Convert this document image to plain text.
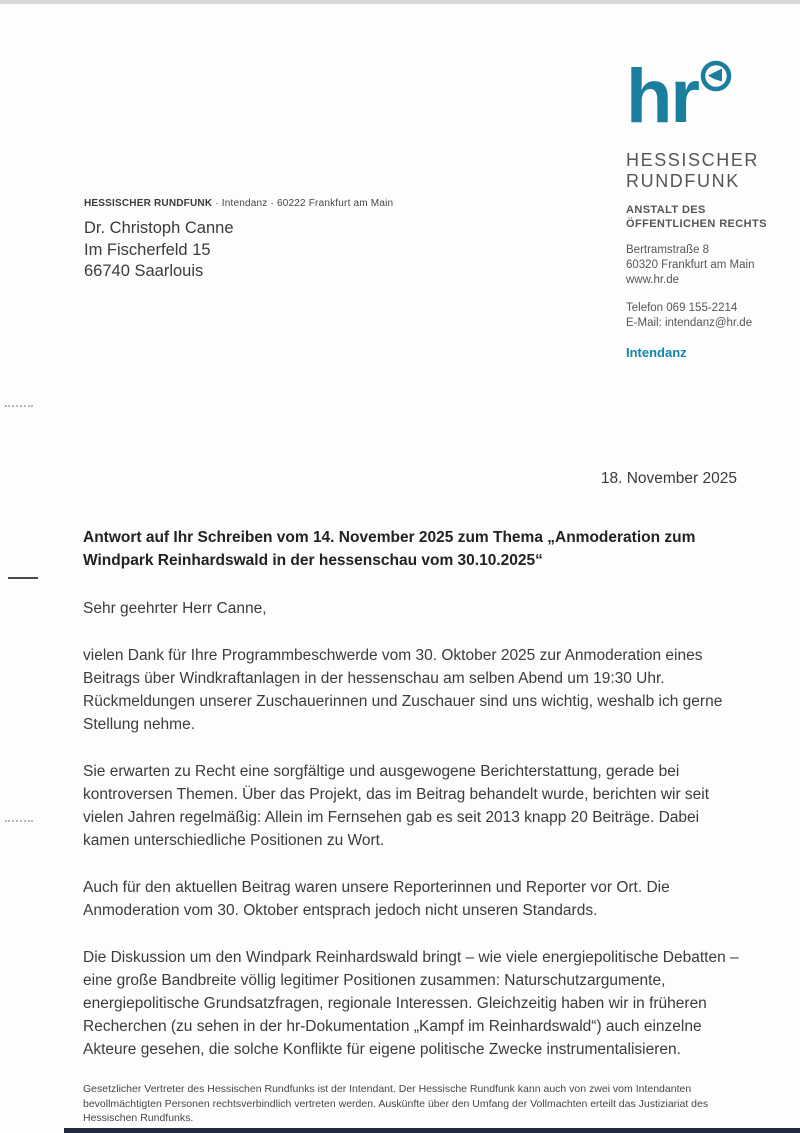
hr
HESSISCHER
RUNDFUNK
ANSTALT DES
ÖFFENTLICHEN RECHTS
Bertramstraße 8
60320 Frankfurt am Main
www.hr.de
Telefon 069 155-2214
E-Mail: intendanz@hr.de
Intendanz
HESSISCHER RUNDFUNK · Intendanz · 60222 Frankfurt am Main
Dr. Christoph Canne
Im Fischerfeld 15
66740 Saarlouis
18. November 2025

Antwort auf Ihr Schreiben vom 14. November 2025 zum Thema „Anmoderation zum Windpark Reinhardswald in der hessenschau vom 30.10.2025“

Sehr geehrter Herr Canne,

vielen Dank für Ihre Programmbeschwerde vom 30. Oktober 2025 zur Anmoderation eines Beitrags über Windkraftanlagen in der hessenschau am selben Abend um 19:30 Uhr. Rückmeldungen unserer Zuschauerinnen und Zuschauer sind uns wichtig, weshalb ich gerne Stellung nehme.

Sie erwarten zu Recht eine sorgfältige und ausgewogene Berichterstattung, gerade bei kontroversen Themen. Über das Projekt, das im Beitrag behandelt wurde, berichten wir seit vielen Jahren regelmäßig: Allein im Fernsehen gab es seit 2013 knapp 20 Beiträge. Dabei kamen unterschiedliche Positionen zu Wort.

Auch für den aktuellen Beitrag waren unsere Reporterinnen und Reporter vor Ort. Die Anmoderation vom 30. Oktober entsprach jedoch nicht unseren Standards.

Die Diskussion um den Windpark Reinhardswald bringt – wie viele energiepolitische Debatten – eine große Bandbreite völlig legitimer Positionen zusammen: Naturschutzargumente, energiepolitische Grundsatzfragen, regionale Interessen. Gleichzeitig haben wir in früheren Recherchen (zu sehen in der hr-Dokumentation „Kampf im Reinhardswald“) auch einzelne Akteure gesehen, die solche Konflikte für eigene politische Zwecke instrumentalisieren.

Gesetzlicher Vertreter des Hessischen Rundfunks ist der Intendant. Der Hessische Rundfunk kann auch von zwei vom Intendanten bevollmächtigten Personen rechtsverbindlich vertreten werden. Auskünfte über den Umfang der Vollmachten erteilt das Justiziariat des Hessischen Rundfunks.
